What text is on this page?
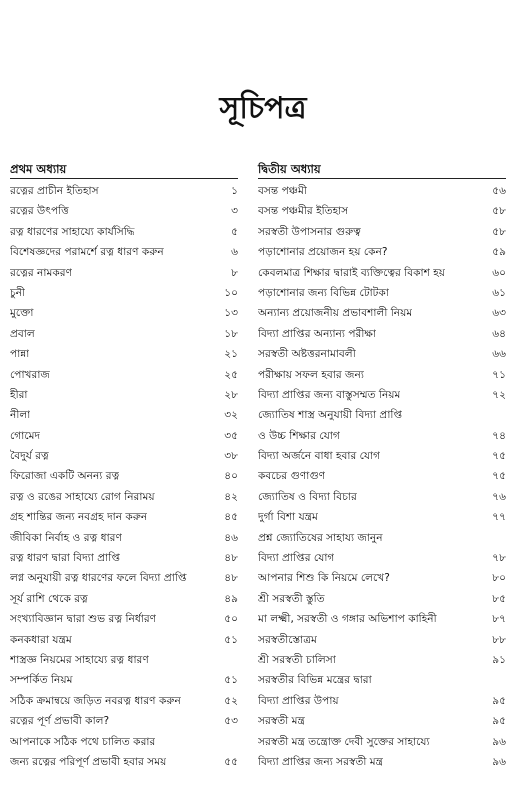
সূচিপত্র
প্রথম অধ্যায়
রত্নের প্রাচীন ইতিহাস	১
রত্নের উৎপত্তি	৩
রত্ন ধারণের সাহায্যে কার্যসিদ্ধি	৫
বিশেষজ্ঞদের পরামর্শে রত্ন ধারণ করুন	৬
রত্নের নামকরণ	৮
চুনী	১০
মুক্তো	১৩
প্রবাল	১৮
পান্না	২১
পোখরাজ	২৫
হীরা	২৮
নীলা	৩২
গোমেদ	৩৫
বৈদুর্য রত্ন	৩৮
ফিরোজা একটি অনন্য রত্ন	৪০
রত্ন ও রঙের সাহায্যে রোগ নিরাময়	৪২
গ্রহ শান্তির জন্য নবগ্রহ দান করুন	৪৫
জীবিকা নির্বাহ ও রত্ন ধারণ	৪৬
রত্ন ধারণ দ্বারা বিদ্যা প্রাপ্তি	৪৮
লগ্ন অনুযায়ী রত্ন ধারণের ফলে বিদ্যা প্রাপ্তি	৪৮
সূর্য রাশি থেকে রত্ন	৪৯
সংখ্যাবিজ্ঞান দ্বারা শুভ রত্ন নির্ধারণ	৫০
কনকধারা যন্ত্রম	৫১
শাস্ত্রজ্ঞ নিয়মের সাহায্যে রত্ন ধারণ
সম্পর্কিত নিয়ম	৫১
সঠিক ক্রমান্বয়ে জড়িত নবরত্ন ধারণ করুন	৫২
রত্নের পূর্ণ প্রভাবী কাল?	৫৩
আপনাকে সঠিক পথে চালিত করার
জন্য রত্নের পরিপূর্ণ প্রভাবী হবার সময়	৫৫
দ্বিতীয় অধ্যায়
বসন্ত পঞ্চমী	৫৬
বসন্ত পঞ্চমীর ইতিহাস	৫৮
সরস্বতী উপাসনার গুরুত্ব	৫৮
পড়াশোনার প্রয়োজন হয় কেন?	৫৯
কেবলমাত্র শিক্ষার দ্বারাই ব্যক্তিত্বের বিকাশ হয়	৬০
পড়াশোনার জন্য বিভিন্ন টোটকা	৬১
অন্যান্য প্রয়োজনীয় প্রভাবশালী নিয়ম	৬৩
বিদ্যা প্রাপ্তির অন্যান্য পরীক্ষা	৬৪
সরস্বতী অষ্টত্তরনামাবলী	৬৬
পরীক্ষায় সফল হবার জন্য	৭১
বিদ্যা প্রাপ্তির জন্য বাস্তুসম্মত নিয়ম	৭২
জ্যোতিষ শাস্ত্র অনুযায়ী বিদ্যা প্রাপ্তি
ও উচ্চ শিক্ষার যোগ	৭৪
বিদ্যা অর্জনে বাধা হবার যোগ	৭৫
কবচের গুণাগুণ	৭৫
জ্যোতিষ ও বিদ্যা বিচার	৭৬
দুর্গা বিশা যন্ত্রম	৭৭
প্রশ্ন জ্যোতিষের সাহায্য জানুন
বিদ্যা প্রাপ্তির যোগ	৭৮
আপনার শিশু কি নিয়মে লেখে?	৮০
শ্রী সরস্বতী স্তুতি	৮৫
মা লক্ষ্মী, সরস্বতী ও গঙ্গার অভিশাপ কাহিনী	৮৭
সরস্বতীস্তোত্রম	৮৮
শ্রী সরস্বতী চালিসা	৯১
সরস্বতীর বিভিন্ন মন্ত্রের দ্বারা
বিদ্যা প্রাপ্তির উপায়	৯৫
সরস্বতী মন্ত্র	৯৫
সরস্বতী মন্ত্র তন্ত্রোক্ত দেবী সুক্তের সাহায্যে	৯৬
বিদ্যা প্রাপ্তির জন্য সরস্বতী মন্ত্র	৯৬
